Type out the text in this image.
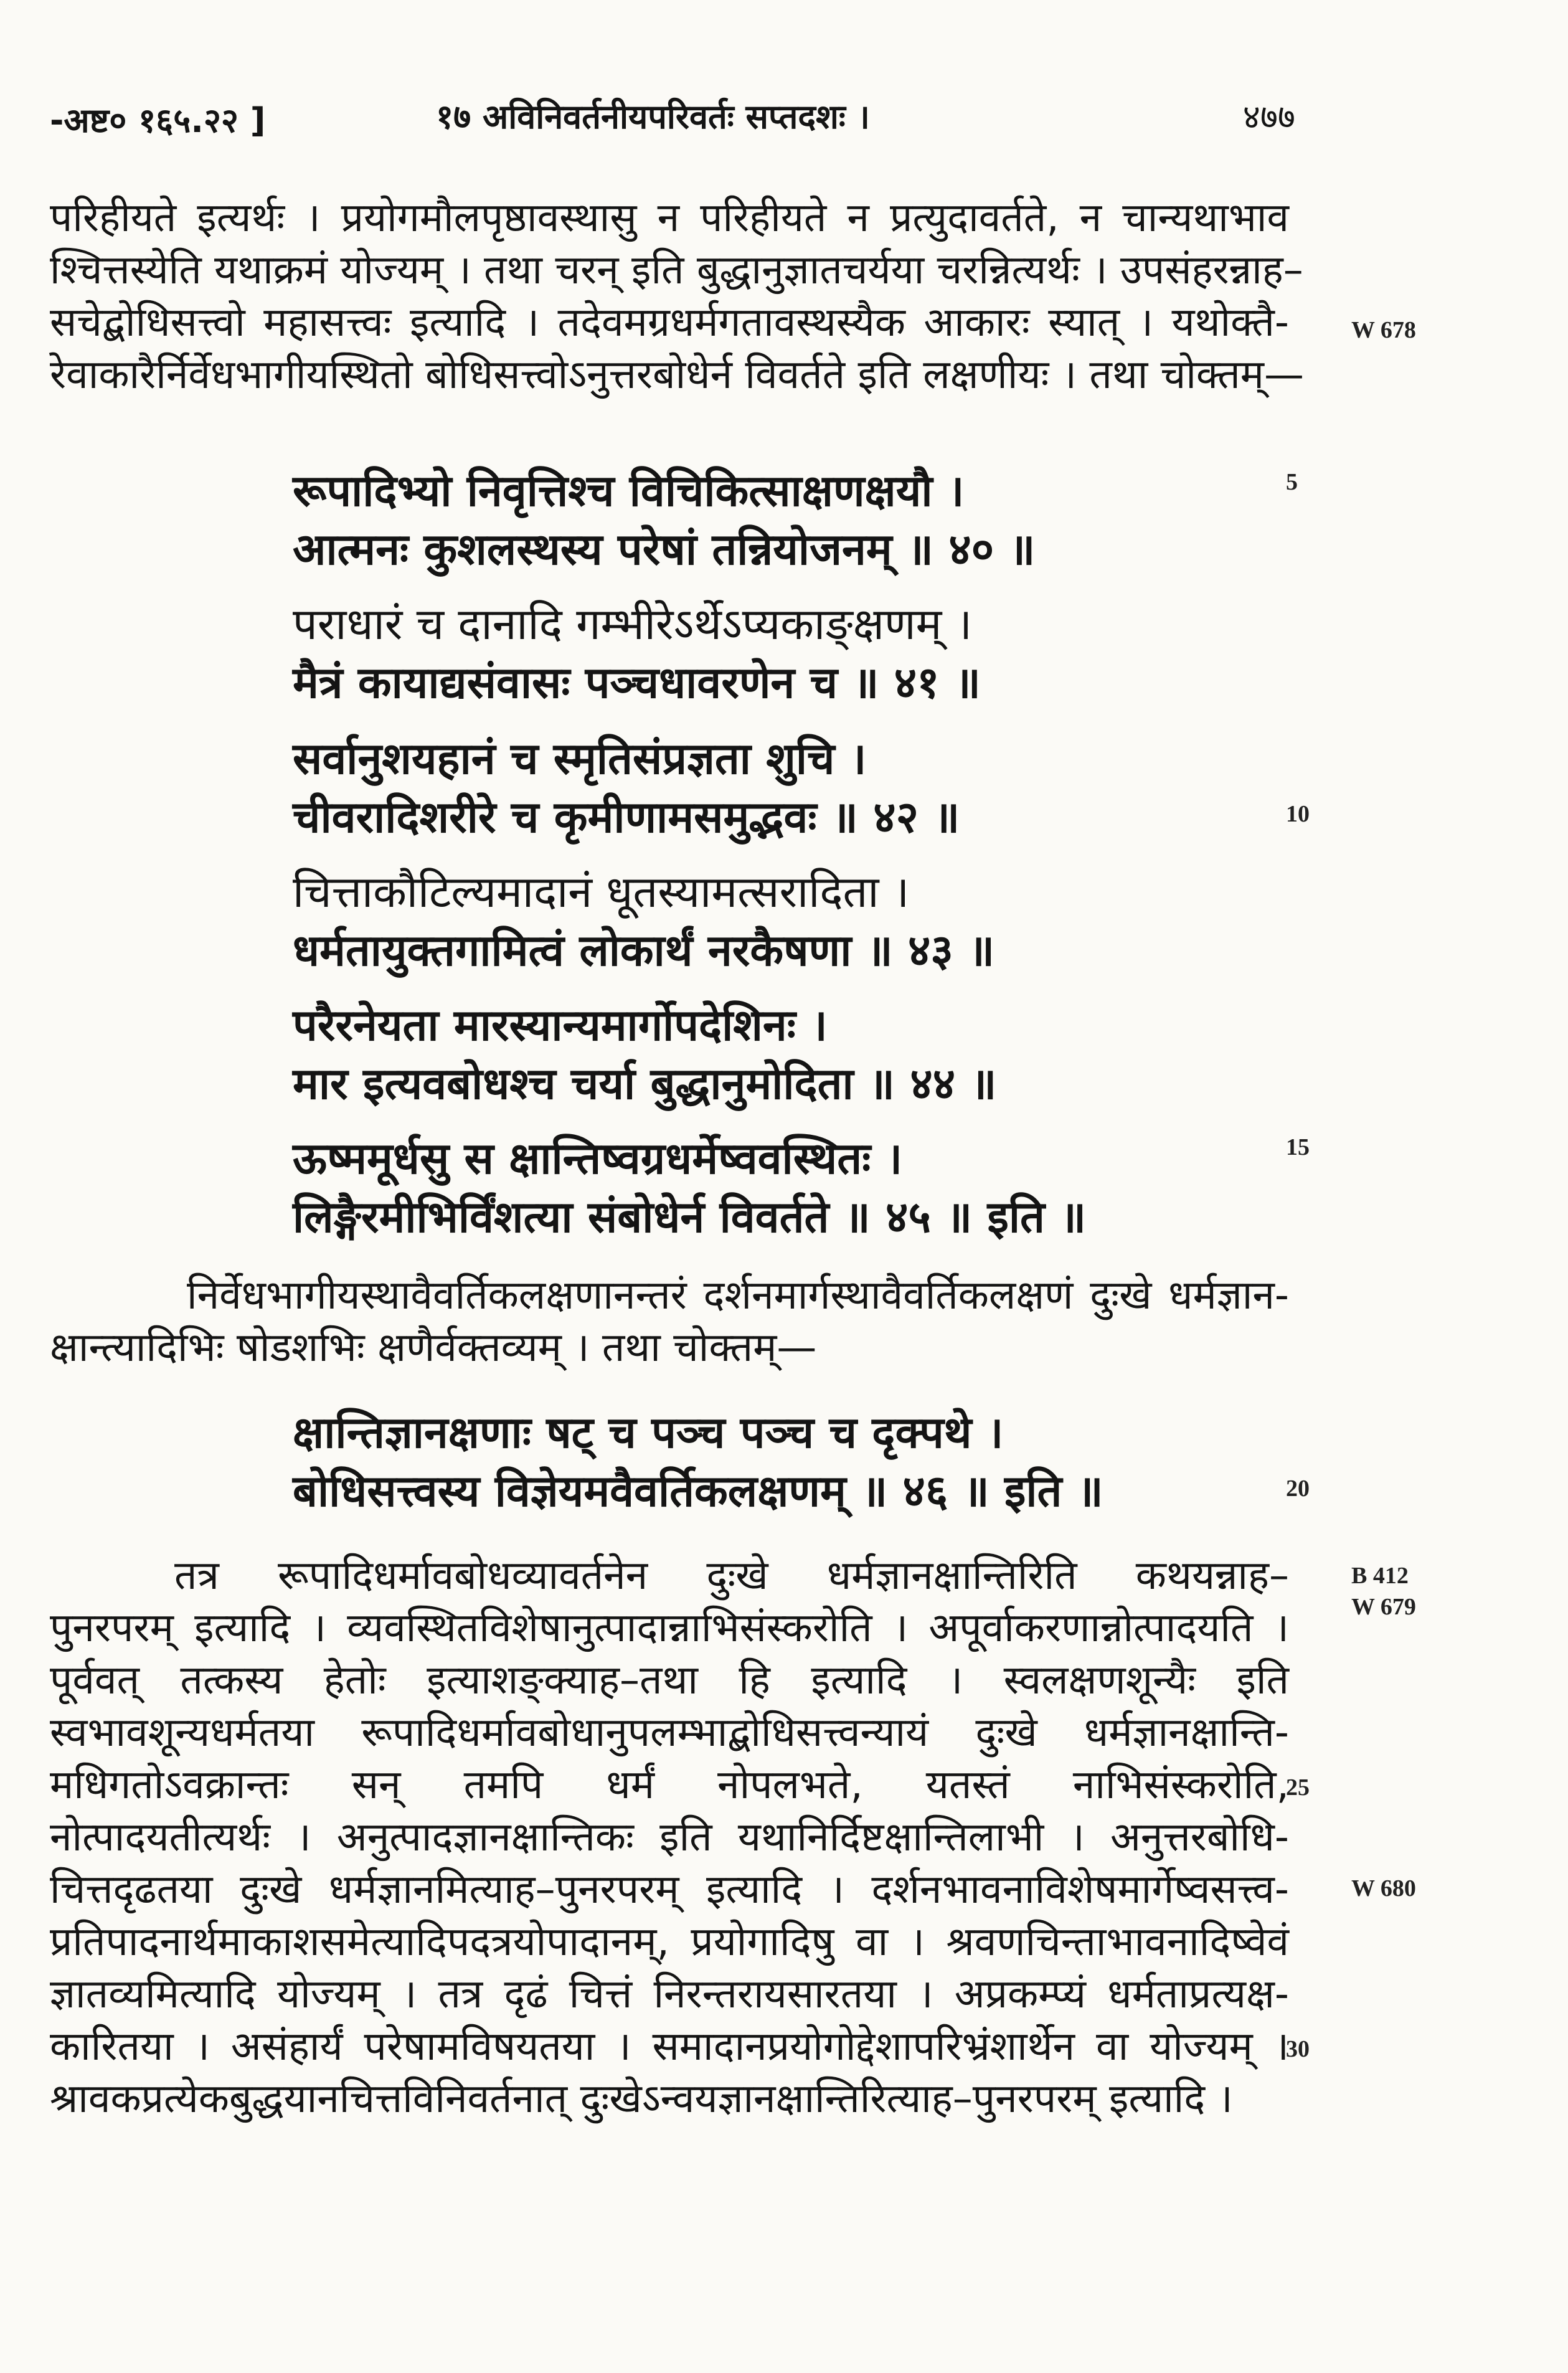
-अष्ट० १६५.२२ ]	१७ अविनिवर्तनीयपरिवर्तः सप्तदशः ।	४७७
परिहीयते इत्यर्थः । प्रयोगमौलपृष्ठावस्थासु न परिहीयते न प्रत्युदावर्तते, न चान्यथाभाव
श्चित्तस्येति यथाक्रमं योज्यम् । तथा चरन् इति बुद्धानुज्ञातचर्यया चरन्नित्यर्थः । उपसंहरन्नाह–
सचेद्बोधिसत्त्वो महासत्त्वः इत्यादि । तदेवमग्रधर्मगतावस्थस्यैक आकारः स्यात् । यथोक्तै-
रेवाकारैर्निर्वेधभागीयस्थितो बोधिसत्त्वोऽनुत्तरबोधेर्न विवर्तते इति लक्षणीयः । तथा चोक्तम्—
रूपादिभ्यो निवृत्तिश्च विचिकित्साक्षणक्षयौ ।
आत्मनः कुशलस्थस्य परेषां तन्नियोजनम् ॥ ४० ॥
पराधारं च दानादि गम्भीरेऽर्थेऽप्यकाङ्क्षणम् ।
मैत्रं कायाद्यसंवासः पञ्चधावरणेन च ॥ ४१ ॥
सर्वानुशयहानं च स्मृतिसंप्रज्ञता शुचि ।
चीवरादिशरीरे च कृमीणामसमुद्भवः ॥ ४२ ॥
चित्ताकौटिल्यमादानं धूतस्यामत्सरादिता ।
धर्मतायुक्तगामित्वं लोकार्थं नरकैषणा ॥ ४३ ॥
परैरनेयता मारस्यान्यमार्गोपदेशिनः ।
मार इत्यवबोधश्च चर्या बुद्धानुमोदिता ॥ ४४ ॥
ऊष्ममूर्धसु स क्षान्तिष्वग्रधर्मेष्ववस्थितः ।
लिङ्गैरमीभिर्विंशत्या संबोधेर्न विवर्तते ॥ ४५ ॥ इति ॥
निर्वेधभागीयस्थावैवर्तिकलक्षणानन्तरं दर्शनमार्गस्थावैवर्तिकलक्षणं दुःखे धर्मज्ञान-
क्षान्त्यादिभिः षोडशभिः क्षणैर्वक्तव्यम् । तथा चोक्तम्—
क्षान्तिज्ञानक्षणाः षट् च पञ्च पञ्च च दृक्पथे ।
बोधिसत्त्वस्य विज्ञेयमवैवर्तिकलक्षणम् ॥ ४६ ॥ इति ॥
तत्र रूपादिधर्मावबोधव्यावर्तनेन दुःखे धर्मज्ञानक्षान्तिरिति कथयन्नाह–
पुनरपरम् इत्यादि । व्यवस्थितविशेषानुत्पादान्नाभिसंस्करोति । अपूर्वाकरणान्नोत्पादयति ।
पूर्ववत् तत्कस्य हेतोः इत्याशङ्क्याह–तथा हि इत्यादि । स्वलक्षणशून्यैः इति
स्वभावशून्यधर्मतया रूपादिधर्मावबोधानुपलम्भाद्बोधिसत्त्वन्यायं दुःखे धर्मज्ञानक्षान्ति-
मधिगतोऽवक्रान्तः सन् तमपि धर्मं नोपलभते, यतस्तं नाभिसंस्करोति,
नोत्पादयतीत्यर्थः । अनुत्पादज्ञानक्षान्तिकः इति यथानिर्दिष्टक्षान्तिलाभी । अनुत्तरबोधि-
चित्तदृढतया दुःखे धर्मज्ञानमित्याह–पुनरपरम् इत्यादि । दर्शनभावनाविशेषमार्गेष्वसत्त्व-
प्रतिपादनार्थमाकाशसमेत्यादिपदत्रयोपादानम्, प्रयोगादिषु वा । श्रवणचिन्ताभावनादिष्वेवं
ज्ञातव्यमित्यादि योज्यम् । तत्र दृढं चित्तं निरन्तरायसारतया । अप्रकम्प्यं धर्मताप्रत्यक्ष-
कारितया । असंहार्यं परेषामविषयतया । समादानप्रयोगोद्देशापरिभ्रंशार्थेन वा योज्यम् ।
श्रावकप्रत्येकबुद्धयानचित्तविनिवर्तनात् दुःखेऽन्वयज्ञानक्षान्तिरित्याह–पुनरपरम् इत्यादि ।
5
10
15
20
25
30
W 678
B 412
W 679
W 680
